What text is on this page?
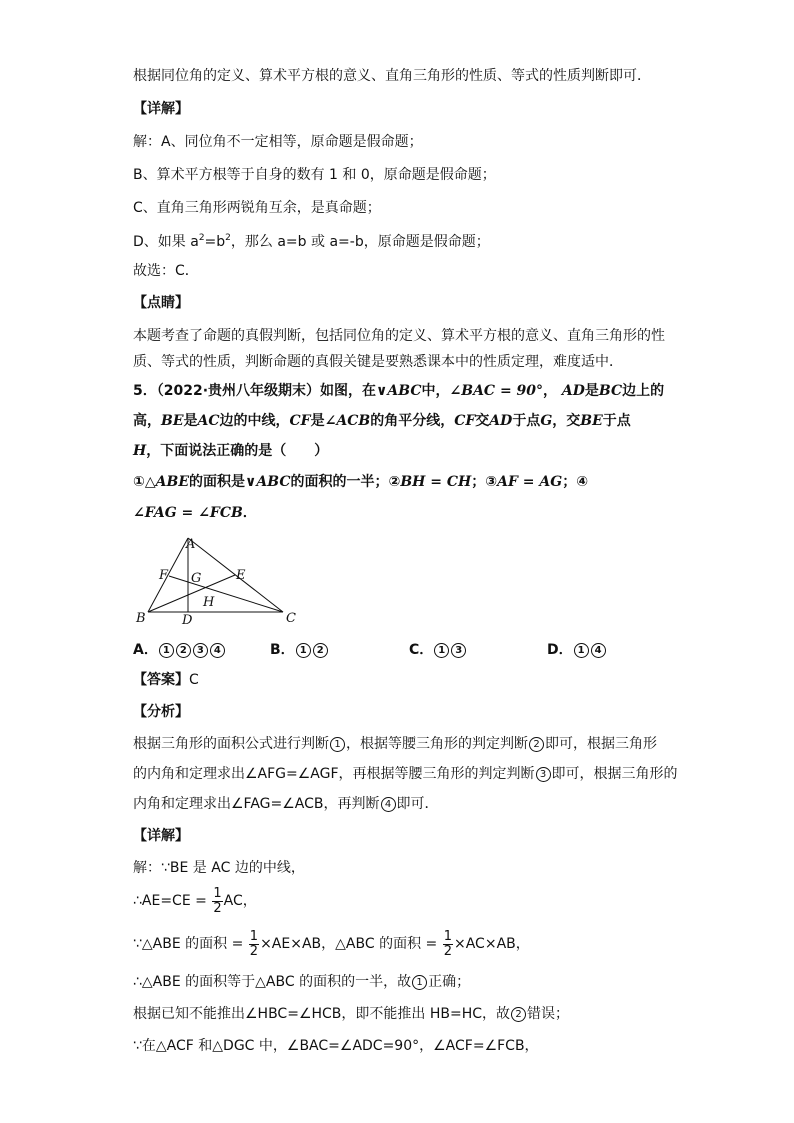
根据同位角的定义、算术平方根的意义、直角三角形的性质、等式的性质判断即可．
【详解】
解：A、同位角不一定相等，原命题是假命题；
B、算术平方根等于自身的数有 1 和 0，原命题是假命题；
C、直角三角形两锐角互余，是真命题；
D、如果 $a^2=b^2$，那么 a=b 或 a=-b，原命题是假命题；
故选：C．
【点睛】
本题考查了命题的真假判断，包括同位角的定义、算术平方根的意义、直角三角形的性
质、等式的性质，判断命题的真假关键是要熟悉课本中的性质定理，难度适中．
5．（2022·贵州八年级期末）如图，在∨ABC中，∠BAC = 90°， AD是BC边上的
高，BE是AC边的中线，CF是∠ACB的角平分线，CF交AD于点G，交BE于点
H，下面说法正确的是（　　）
①△ABE的面积是∨ABC的面积的一半；②BH = CH；③AF = AG；④
∠FAG = ∠FCB．
A
B	C
D
E
F G
H
A． 1 2 3 4	B． 1 2	C． 1 3	D． 1 4
【答案】C
【分析】
根据三角形的面积公式进行判断 1 ，根据等腰三角形的判定判断 2 即可，根据三角形
的内角和定理求出∠AFG=∠AGF，再根据等腰三角形的判定判断 3 即可，根据三角形的
内角和定理求出∠FAG=∠ACB，再判断 4 即可．
【详解】
解：∵BE 是 AC 边的中线，
∴AE=CE = $\frac{1}{2}$ AC，
∵△ABE 的面积 = $\frac{1}{2} \times AE\times AB$，△ABC 的面积 = $\frac{1}{2} \times AC\times AB$，
∴△ABE 的面积等于△ABC 的面积的一半，故 1 正确；
根据已知不能推出∠HBC=∠HCB，即不能推出 HB=HC，故 2 错误；
∵在△ACF 和△DGC 中，∠BAC=∠ADC=90°，∠ACF=∠FCB，
